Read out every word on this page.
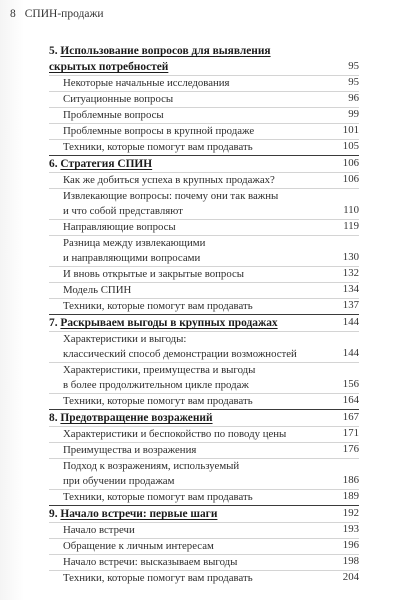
8 СПИН-продажи
5. Использование вопросов для выявления
скрытых потребностей	95
Некоторые начальные исследования	95
Ситуационные вопросы	96
Проблемные вопросы	99
Проблемные вопросы в крупной продаже	101
Техники, которые помогут вам продавать	105
6. Стратегия СПИН	106
Как же добиться успеха в крупных продажах?	106
Извлекающие вопросы: почему они так важны
и что собой представляют	110
Направляющие вопросы	119
Разница между извлекающими
и направляющими вопросами	130
И вновь открытые и закрытые вопросы	132
Модель СПИН	134
Техники, которые помогут вам продавать	137
7. Раскрываем выгоды в крупных продажах	144
Характеристики и выгоды:
классический способ демонстрации возможностей	144
Характеристики, преимущества и выгоды
в более продолжительном цикле продаж	156
Техники, которые помогут вам продавать	164
8. Предотвращение возражений	167
Характеристики и беспокойство по поводу цены	171
Преимущества и возражения	176
Подход к возражениям, используемый
при обучении продажам	186
Техники, которые помогут вам продавать	189
9. Начало встречи: первые шаги	192
Начало встречи	193
Обращение к личным интересам	196
Начало встречи: высказываем выгоды	198
Техники, которые помогут вам продавать	204
